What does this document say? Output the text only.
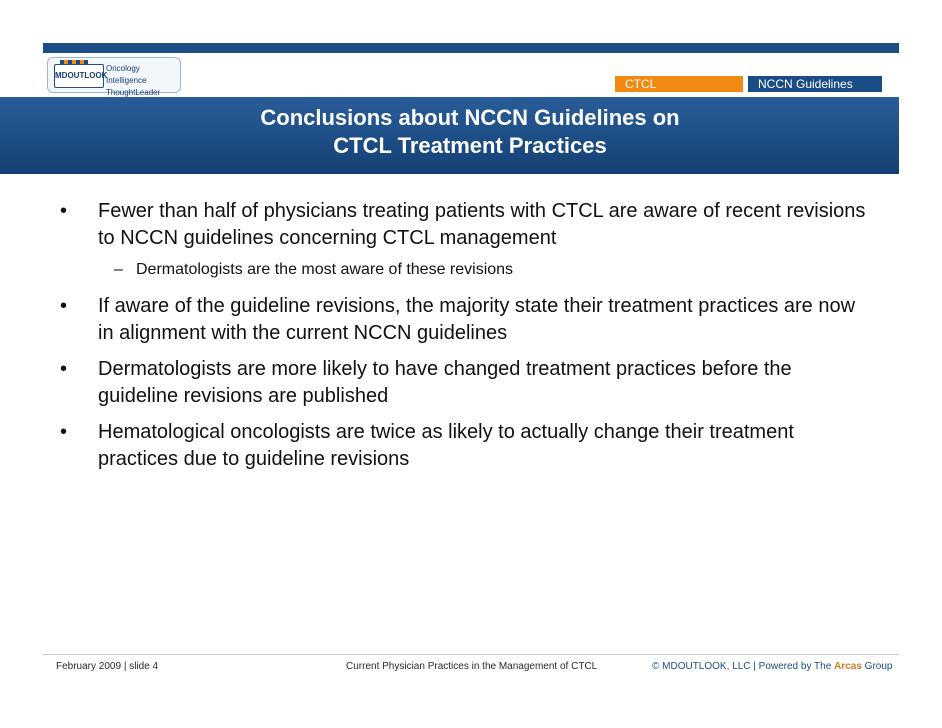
MDOUTLOOK
Oncology Intelligence
ThoughtLeader
CTCL	NCCN Guidelines
Conclusions about NCCN Guidelines on
CTCL Treatment Practices
• Fewer than half of physicians treating patients with CTCL are aware of recent revisions to NCCN guidelines concerning CTCL management
– Dermatologists are the most aware of these revisions
• If aware of the guideline revisions, the majority state their treatment practices are now in alignment with the current NCCN guidelines
• Dermatologists are more likely to have changed treatment practices before the guideline revisions are published
• Hematological oncologists are twice as likely to actually change their treatment practices due to guideline revisions
February 2009 | slide 4	Current Physician Practices in the Management of CTCL	© MDOUTLOOK, LLC | Powered by The Arcas Group
